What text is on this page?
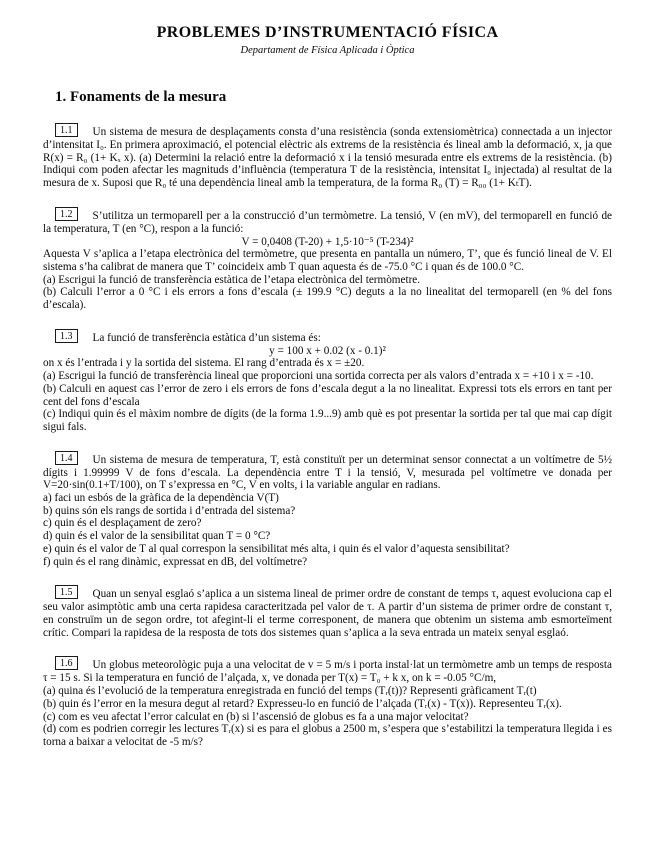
PROBLEMES D’INSTRUMENTACIÓ FÍSICA
Departament de Física Aplicada i Òptica
1. Fonaments de la mesura

1.1 Un sistema de mesura de desplaçaments consta d’una resistència (sonda extensiomètrica) connectada a un injector d’intensitat I₀. En primera aproximació, el potencial elèctric als extrems de la resistència és lineal amb la deformació, x, ja que R(x) = R₀ (1+ Kₓ x). (a) Determini la relació entre la deformació x i la tensió mesurada entre els extrems de la resistència. (b) Indiqui com poden afectar les magnituds d’influència (temperatura T de la resistència, intensitat I₀ injectada) al resultat de la mesura de x. Suposi que R₀ té una dependència lineal amb la temperatura, de la forma R₀ (T) = R₀₀ (1+ KₜT).

1.2 S’utilitza un termoparell per a la construcció d’un termòmetre. La tensió, V (en mV), del termoparell en funció de la temperatura, T (en °C), respon a la funció:

V = 0,0408 (T-20) + 1,5·10⁻⁵ (T-234)²

Aquesta V s’aplica a l’etapa electrònica del termòmetre, que presenta en pantalla un número, T’, que és funció lineal de V. El sistema s’ha calibrat de manera que T’ coincideix amb T quan aquesta és de -75.0 °C i quan és de 100.0 °C.

(a) Escrigui la funció de transferència estàtica de l’etapa electrònica del termòmetre.

(b) Calculi l’error a 0 °C i els errors a fons d’escala (± 199.9 °C) deguts a la no linealitat del termoparell (en % del fons d’escala).

1.3 La funció de transferència estàtica d’un sistema és:

y = 100 x + 0.02 (x - 0.1)²

on x és l’entrada i y la sortida del sistema. El rang d’entrada és x = ±20.

(a) Escrigui la funció de transferència lineal que proporcioni una sortida correcta per als valors d’entrada x = +10 i x = -10.

(b) Calculi en aquest cas l’error de zero i els errors de fons d’escala degut a la no linealitat. Expressi tots els errors en tant per cent del fons d’escala

(c) Indiqui quin és el màxim nombre de dígits (de la forma 1.9...9) amb què es pot presentar la sortida per tal que mai cap dígit sigui fals.

1.4 Un sistema de mesura de temperatura, T, està constituït per un determinat sensor connectat a un voltímetre de 5½ dígits i 1.99999 V de fons d’escala. La dependència entre T i la tensió, V, mesurada pel voltímetre ve donada per V=20·sin(0.1+T/100), on T s’expressa en °C, V en volts, i la variable angular en radians.

a) faci un esbós de la gràfica de la dependència V(T)

b) quins són els rangs de sortida i d’entrada del sistema?

c) quin és el desplaçament de zero?

d) quin és el valor de la sensibilitat quan T = 0 °C?

e) quin és el valor de T al qual correspon la sensibilitat més alta, i quin és el valor d’aquesta sensibilitat?

f) quin és el rang dinàmic, expressat en dB, del voltímetre?

1.5 Quan un senyal esglaó s’aplica a un sistema lineal de primer ordre de constant de temps τ, aquest evoluciona cap el seu valor asimptòtic amb una certa rapidesa caracteritzada pel valor de τ. A partir d’un sistema de primer ordre de constant τ, en construïm un de segon ordre, tot afegint-li el terme corresponent, de manera que obtenim un sistema amb esmorteïment crític. Compari la rapidesa de la resposta de tots dos sistemes quan s’aplica a la seva entrada un mateix senyal esglaó.

1.6 Un globus meteorològic puja a una velocitat de v = 5 m/s i porta instal·lat un termòmetre amb un temps de resposta τ = 15 s. Si la temperatura en funció de l’alçada, x, ve donada per T(x) = T₀ + k x, on k = -0.05 °C/m,

(a) quina és l’evolució de la temperatura enregistrada en funció del temps (Tᵣ(t))? Representi gràficament Tᵣ(t)

(b) quin és l’error en la mesura degut al retard? Expresseu-lo en funció de l’alçada (Tᵣ(x) - T(x)). Representeu Tᵣ(x).

(c) com es veu afectat l’error calculat en (b) si l’ascensió de globus es fa a una major velocitat?

(d) com es podrien corregir les lectures Tᵣ(x) si es para el globus a 2500 m, s’espera que s’estabilitzi la temperatura llegida i es torna a baixar a velocitat de -5 m/s?
